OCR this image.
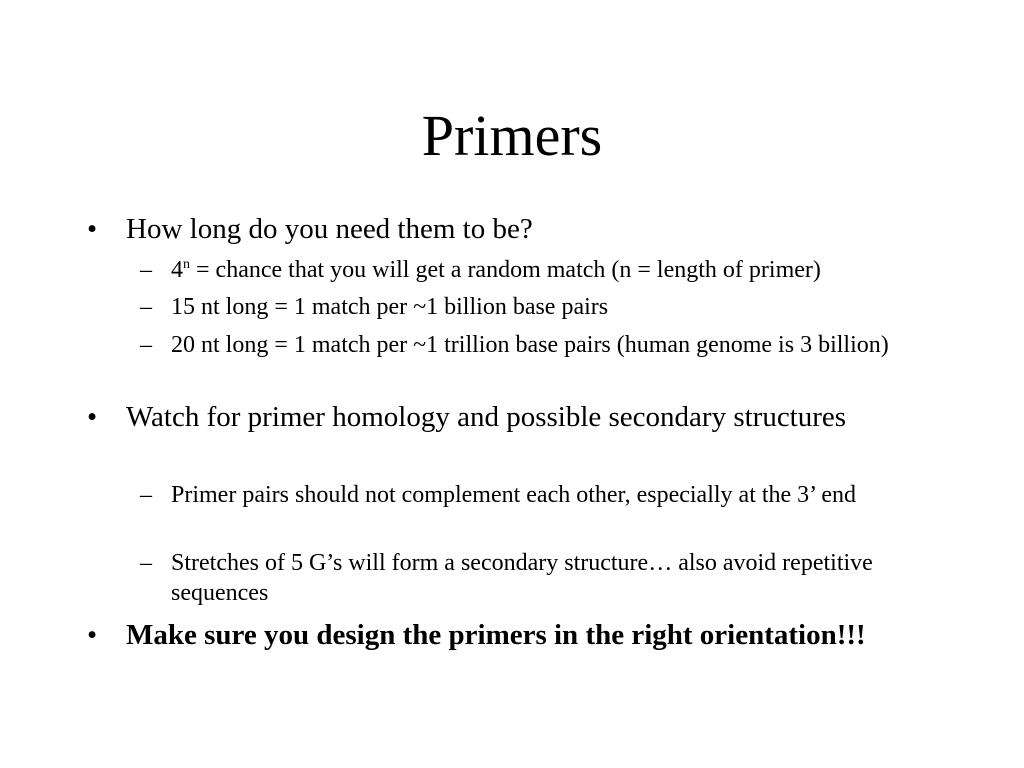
Primers
• How long do you need them to be?
– $4^n$ = chance that you will get a random match (n = length of primer)
– 15 nt long = 1 match per ~1 billion base pairs
– 20 nt long = 1 match per ~1 trillion base pairs (human genome is 3 billion)
• Watch for primer homology and possible secondary structures
– Primer pairs should not complement each other, especially at the 3’ end
– Stretches of 5 G’s will form a secondary structure… also avoid repetitive sequences
• Make sure you design the primers in the right orientation!!!
